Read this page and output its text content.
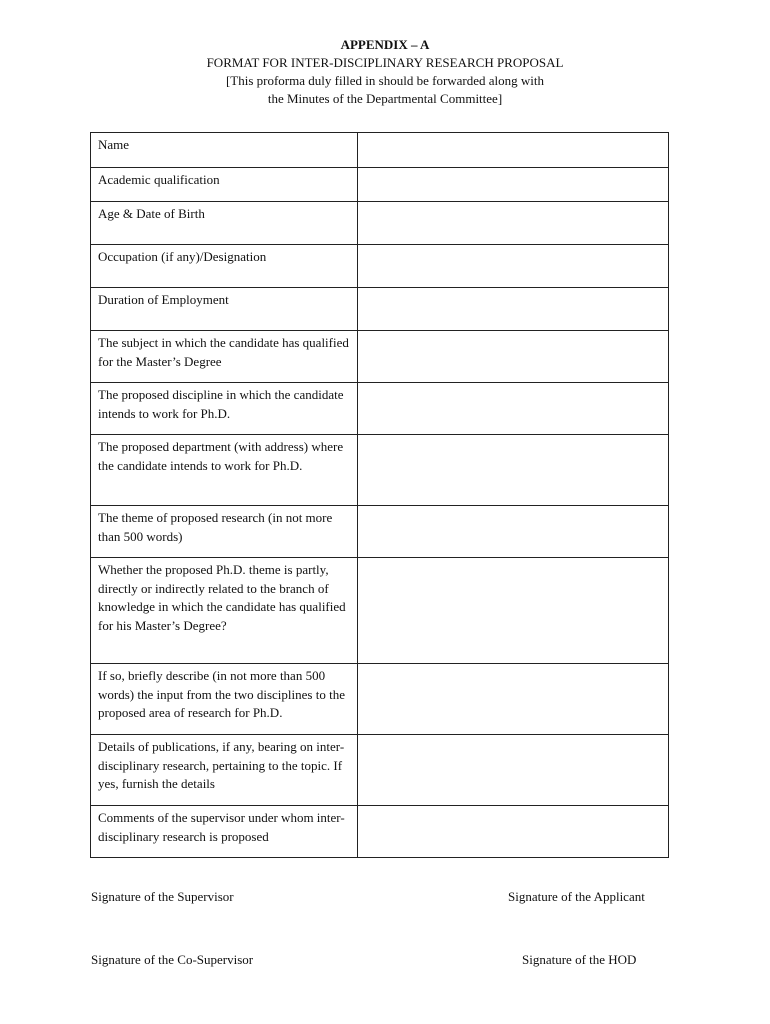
APPENDIX – A
FORMAT FOR INTER-DISCIPLINARY RESEARCH PROPOSAL
[This proforma duly filled in should be forwarded along with
the Minutes of the Departmental Committee]
Name	
Academic qualification	
Age & Date of Birth	
Occupation (if any)/Designation	
Duration of Employment	
The subject in which the candidate has qualified for the Master’s Degree	
The proposed discipline in which the candidate intends to work for Ph.D.	
The proposed department (with address) where the candidate intends to work for Ph.D.	
The theme of proposed research (in not more than 500 words)	
Whether the proposed Ph.D. theme is partly, directly or indirectly related to the branch of knowledge in which the candidate has qualified for his Master’s Degree?	
If so, briefly describe (in not more than 500 words) the input from the two disciplines to the proposed area of research for Ph.D.	
Details of publications, if any, bearing on inter-disciplinary research, pertaining to the topic. If yes, furnish the details	
Comments of the supervisor under whom inter-disciplinary research is proposed	
Signature of the Supervisor	Signature of the Applicant
Signature of the Co-Supervisor	Signature of the HOD
